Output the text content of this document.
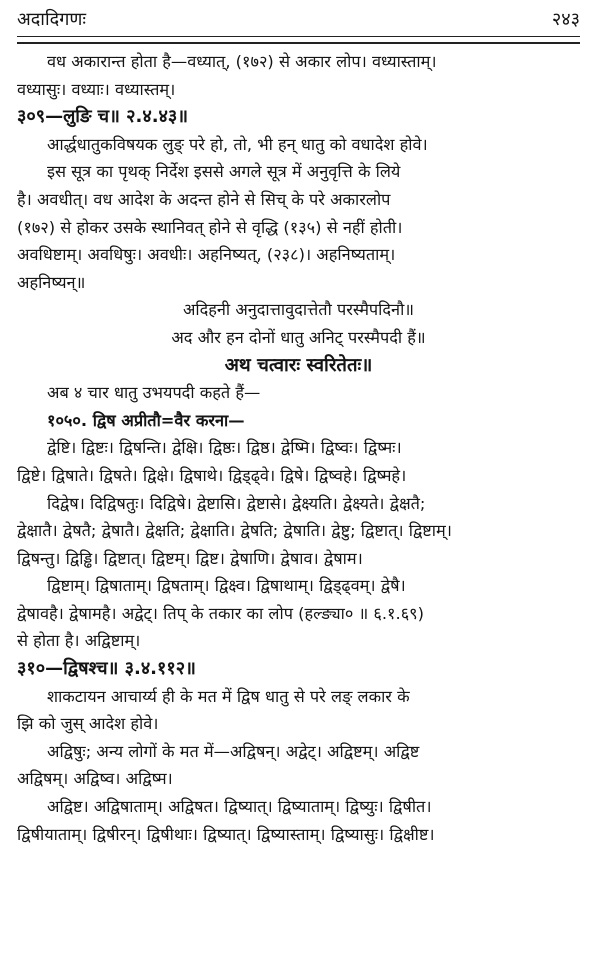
अदादिगणः	२४३
वध अकारान्त होता है—वध्यात्, (१७२) से अकार लोप। वध्यास्ताम्।
वध्यासुः। वध्याः। वध्यास्तम्।
३०९—लुङि च॥ २.४.४३॥
आर्द्धधातुकविषयक लुङ् परे हो, तो, भी हन् धातु को वधादेश होवे।
इस सूत्र का पृथक् निर्देश इससे अगले सूत्र में अनुवृत्ति के लिये
है। अवधीत्। वध आदेश के अदन्त होने से सिच् के परे अकारलोप
(१७२) से होकर उसके स्थानिवत् होने से वृद्धि (१३५) से नहीं होती।
अवधिष्टाम्। अवधिषुः। अवधीः। अहनिष्यत्, (२३८)। अहनिष्यताम्।
अहनिष्यन्॥
अदिहनी अनुदात्तावुदात्तेतौ परस्मैपदिनौ॥
अद और हन दोनों धातु अनिट् परस्मैपदी हैं॥
अथ चत्वारः स्वरितेतः॥
अब ४ चार धातु उभयपदी कहते हैं—
१०५०. द्विष अप्रीतौ=वैर करना—
द्वेष्टि। द्विष्टः। द्विषन्ति। द्वेक्षि। द्विष्ठः। द्विष्ठ। द्वेष्मि। द्विष्वः। द्विष्मः।
द्विष्टे। द्विषाते। द्विषते। द्विक्षे। द्विषाथे। द्विड्ढ्वे। द्विषे। द्विष्वहे। द्विष्महे।
दिद्वेष। दिद्विषतुः। दिद्विषे। द्वेष्टासि। द्वेष्टासे। द्वेक्ष्यति। द्वेक्ष्यते। द्वेक्षतै;
द्वेक्षातै। द्वेषतै; द्वेषातै। द्वेक्षति; द्वेक्षाति। द्वेषति; द्वेषाति। द्वेष्टु; द्विष्टात्। द्विष्टाम्।
द्विषन्तु। द्विड्ढि। द्विष्टात्। द्विष्टम्। द्विष्ट। द्वेषाणि। द्वेषाव। द्वेषाम।
द्विष्टाम्। द्विषाताम्। द्विषताम्। द्विक्ष्व। द्विषाथाम्। द्विड्ढ्वम्। द्वेषै।
द्वेषावहै। द्वेषामहै। अद्वेट्। तिप् के तकार का लोप (हल्ङ्या० ॥ ६.१.६९)
से होता है। अद्विष्टाम्।
३१०—द्विषश्च॥ ३.४.११२॥
शाकटायन आचार्य्य ही के मत में द्विष धातु से परे लङ् लकार के
झि को जुस् आदेश होवे।
अद्विषुः; अन्य लोगों के मत में—अद्विषन्। अद्वेट्। अद्विष्टम्। अद्विष्ट
अद्विषम्। अद्विष्व। अद्विष्म।
अद्विष्ट। अद्विषाताम्। अद्विषत। द्विष्यात्। द्विष्याताम्। द्विष्युः। द्विषीत।
द्विषीयाताम्। द्विषीरन्। द्विषीथाः। द्विष्यात्। द्विष्यास्ताम्। द्विष्यासुः। द्विक्षीष्ट।
